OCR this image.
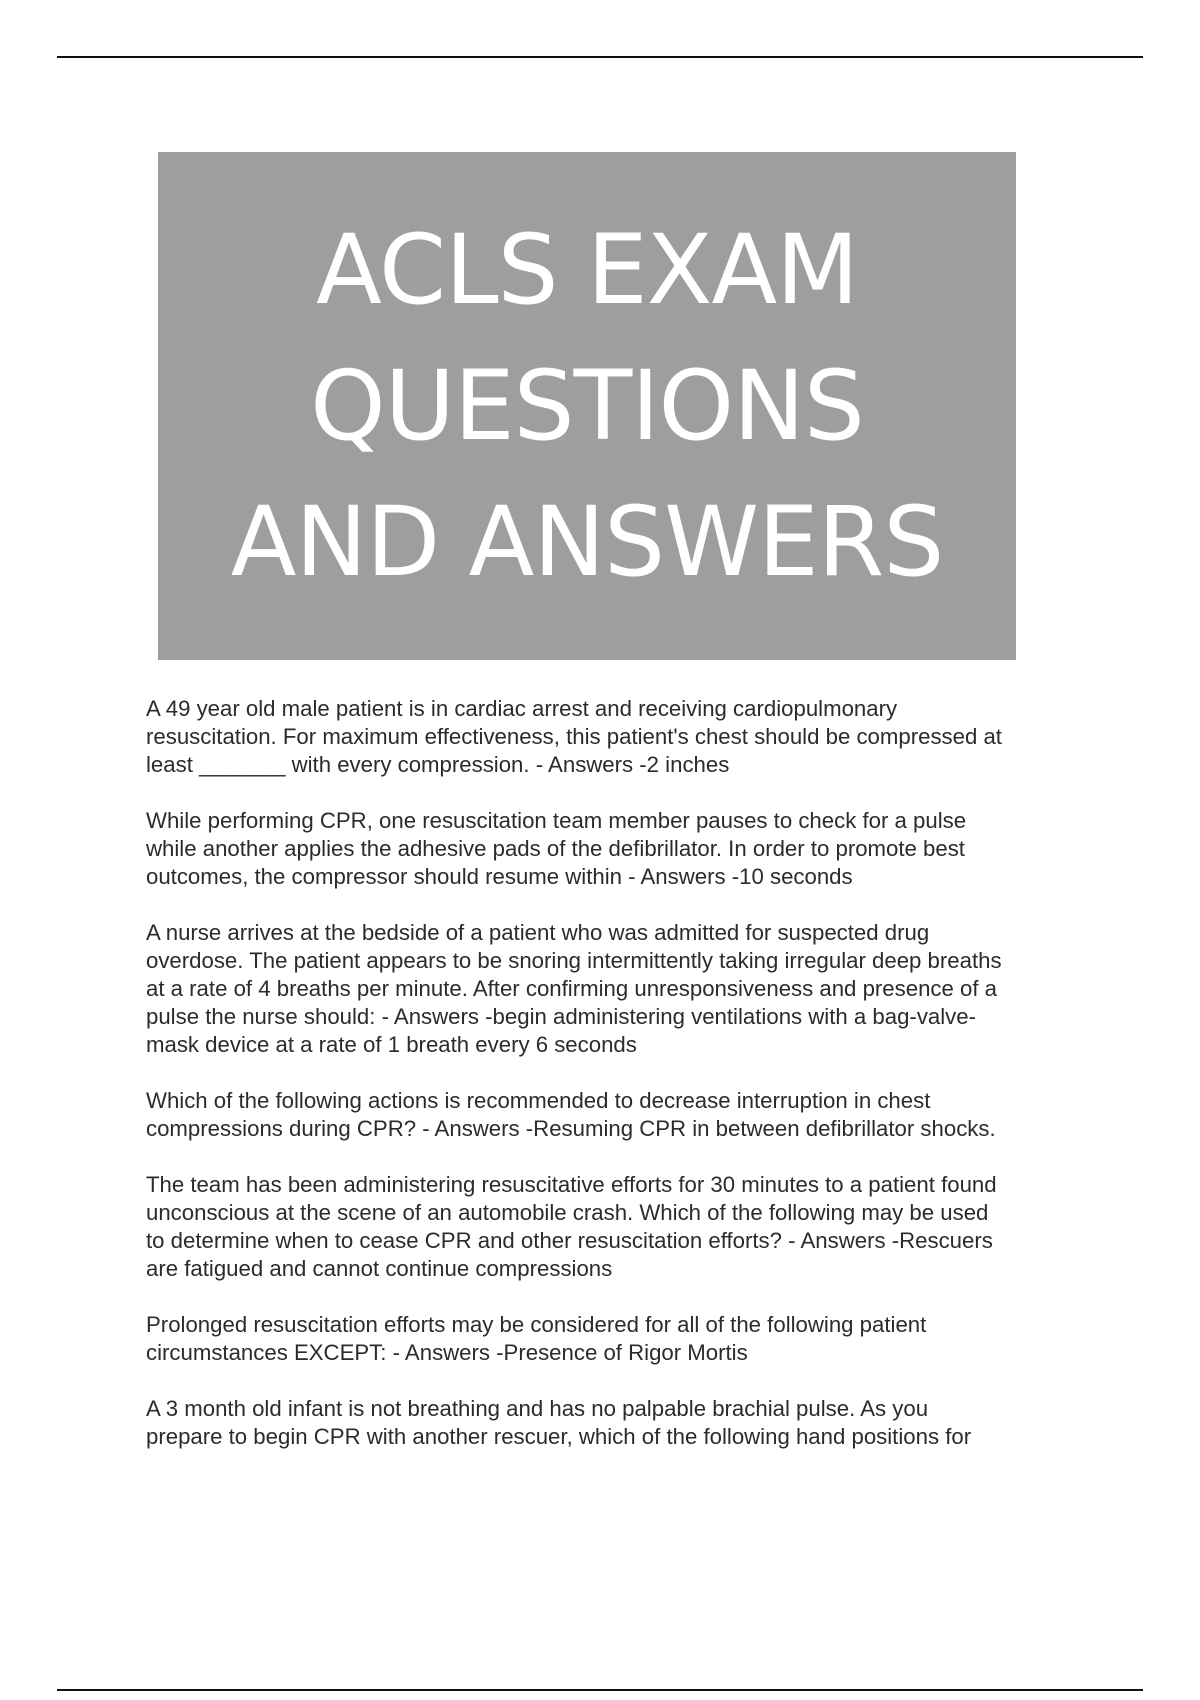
ACLS EXAM
QUESTIONS
AND ANSWERS
A 49 year old male patient is in cardiac arrest and receiving cardiopulmonary
resuscitation. For maximum effectiveness, this patient's chest should be compressed at
least _______ with every compression. - Answers -2 inches
While performing CPR, one resuscitation team member pauses to check for a pulse
while another applies the adhesive pads of the defibrillator. In order to promote best
outcomes, the compressor should resume within - Answers -10 seconds
A nurse arrives at the bedside of a patient who was admitted for suspected drug
overdose. The patient appears to be snoring intermittently taking irregular deep breaths
at a rate of 4 breaths per minute. After confirming unresponsiveness and presence of a
pulse the nurse should: - Answers -begin administering ventilations with a bag-valve-
mask device at a rate of 1 breath every 6 seconds
Which of the following actions is recommended to decrease interruption in chest
compressions during CPR? - Answers -Resuming CPR in between defibrillator shocks.
The team has been administering resuscitative efforts for 30 minutes to a patient found
unconscious at the scene of an automobile crash. Which of the following may be used
to determine when to cease CPR and other resuscitation efforts? - Answers -Rescuers
are fatigued and cannot continue compressions
Prolonged resuscitation efforts may be considered for all of the following patient
circumstances EXCEPT: - Answers -Presence of Rigor Mortis
A 3 month old infant is not breathing and has no palpable brachial pulse. As you
prepare to begin CPR with another rescuer, which of the following hand positions for
